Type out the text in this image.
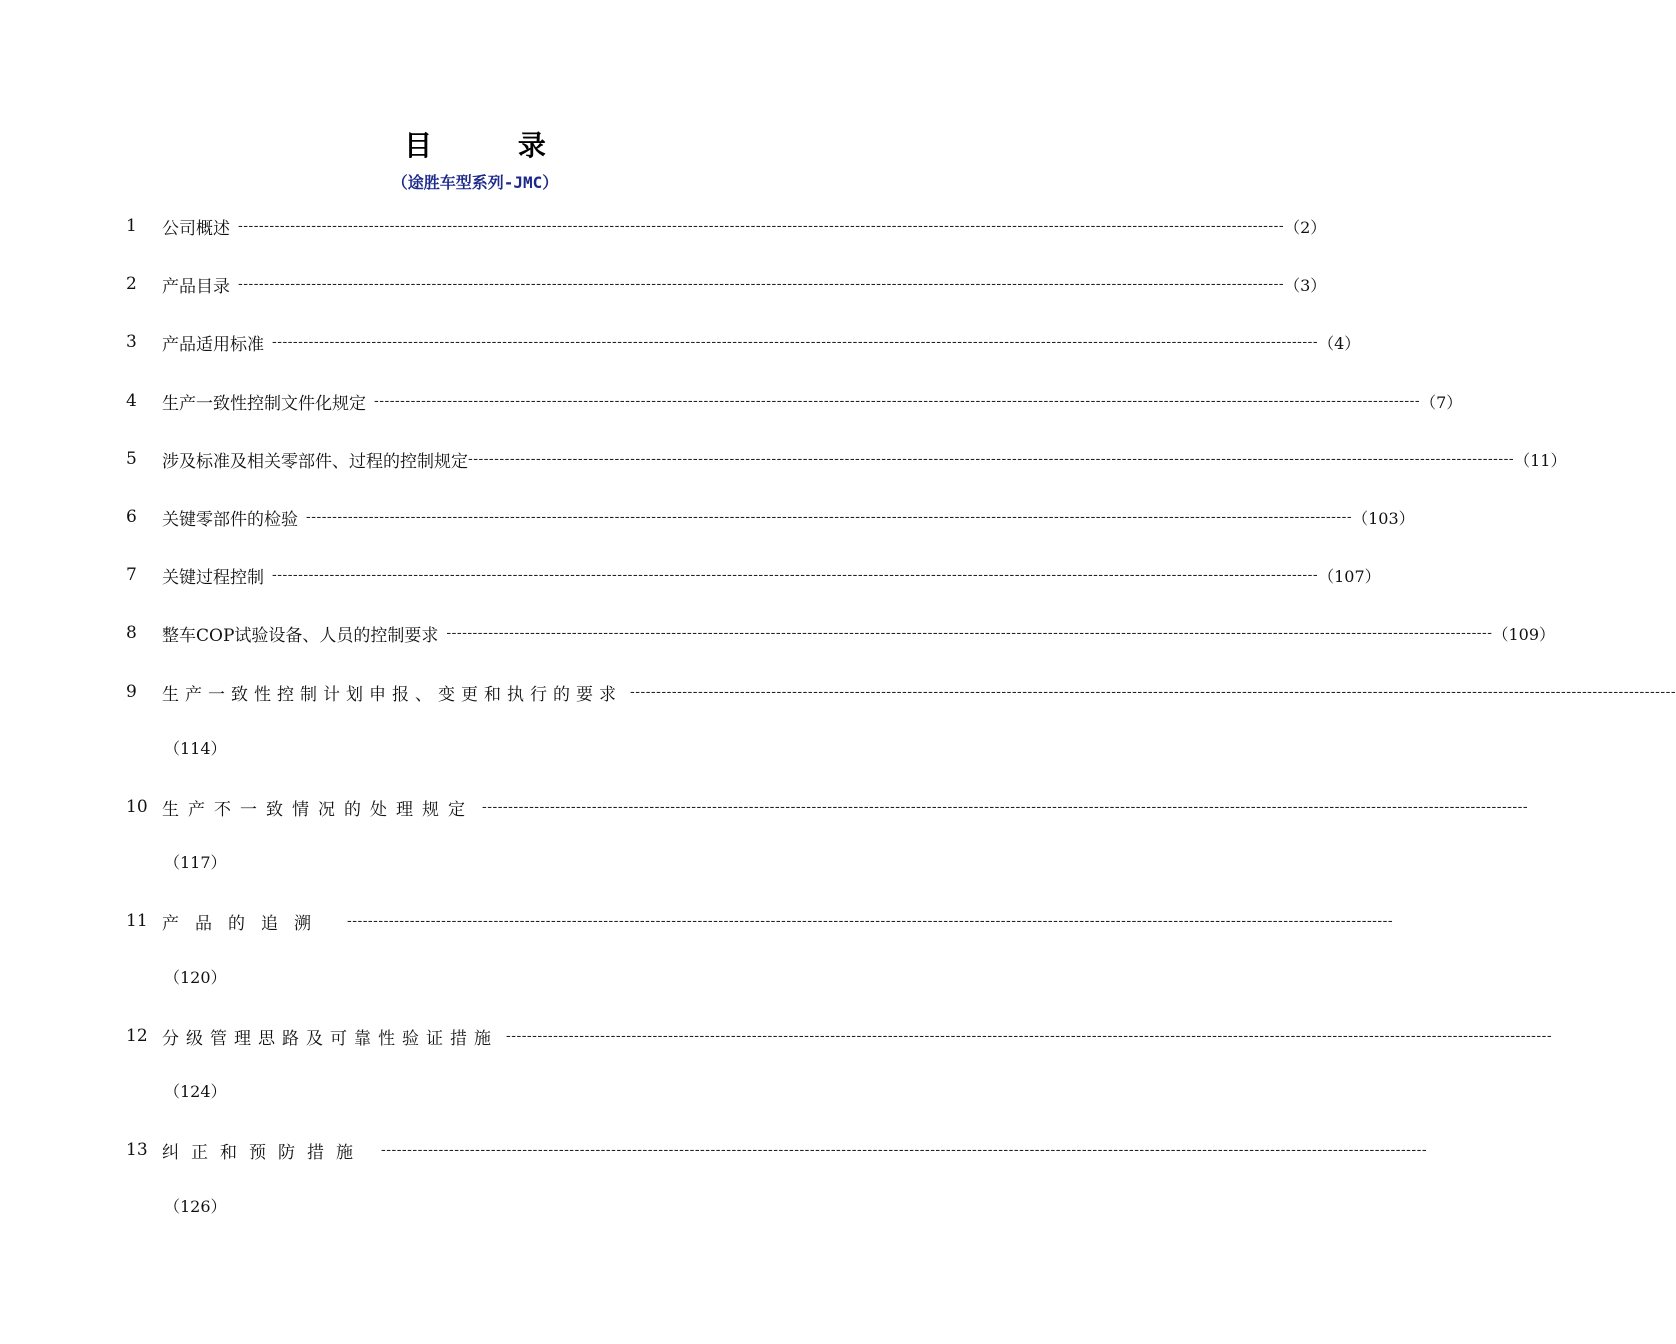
目 录
（途胜车型系列-JMC）
1	公司概述 -------------------------------------------------------------------------------------------------------------------------------------------------------------------------------------------------------- （2）
2	产品目录 -------------------------------------------------------------------------------------------------------------------------------------------------------------------------------------------------------- （3）
3	产品适用标准 -------------------------------------------------------------------------------------------------------------------------------------------------------------------------------------------------------- （4）
4	生产一致性控制文件化规定 -------------------------------------------------------------------------------------------------------------------------------------------------------------------------------------------------------- （7）
5	涉及标准及相关零部件、过程的控制规定 -------------------------------------------------------------------------------------------------------------------------------------------------------------------------------------------------------- （11）
6	关键零部件的检验 -------------------------------------------------------------------------------------------------------------------------------------------------------------------------------------------------------- （103）
7	关键过程控制 -------------------------------------------------------------------------------------------------------------------------------------------------------------------------------------------------------- （107）
8	整车COP试验设备、人员的控制要求 -------------------------------------------------------------------------------------------------------------------------------------------------------------------------------------------------------- （109）
9	生产一致性控制计划申报、变更和执行的要求 --------------------------------------------------------------------------------------------------------------------------------------------------------------------------------------------------------
（114）
10 生产不一致情况的处理规定 --------------------------------------------------------------------------------------------------------------------------------------------------------------------------------------------------------
（117）
11 产品的追溯	--------------------------------------------------------------------------------------------------------------------------------------------------------------------------------------------------------
（120）
12 分级管理思路及可靠性验证措施 --------------------------------------------------------------------------------------------------------------------------------------------------------------------------------------------------------
（124）
13 纠正和预防措施	--------------------------------------------------------------------------------------------------------------------------------------------------------------------------------------------------------
（126）
